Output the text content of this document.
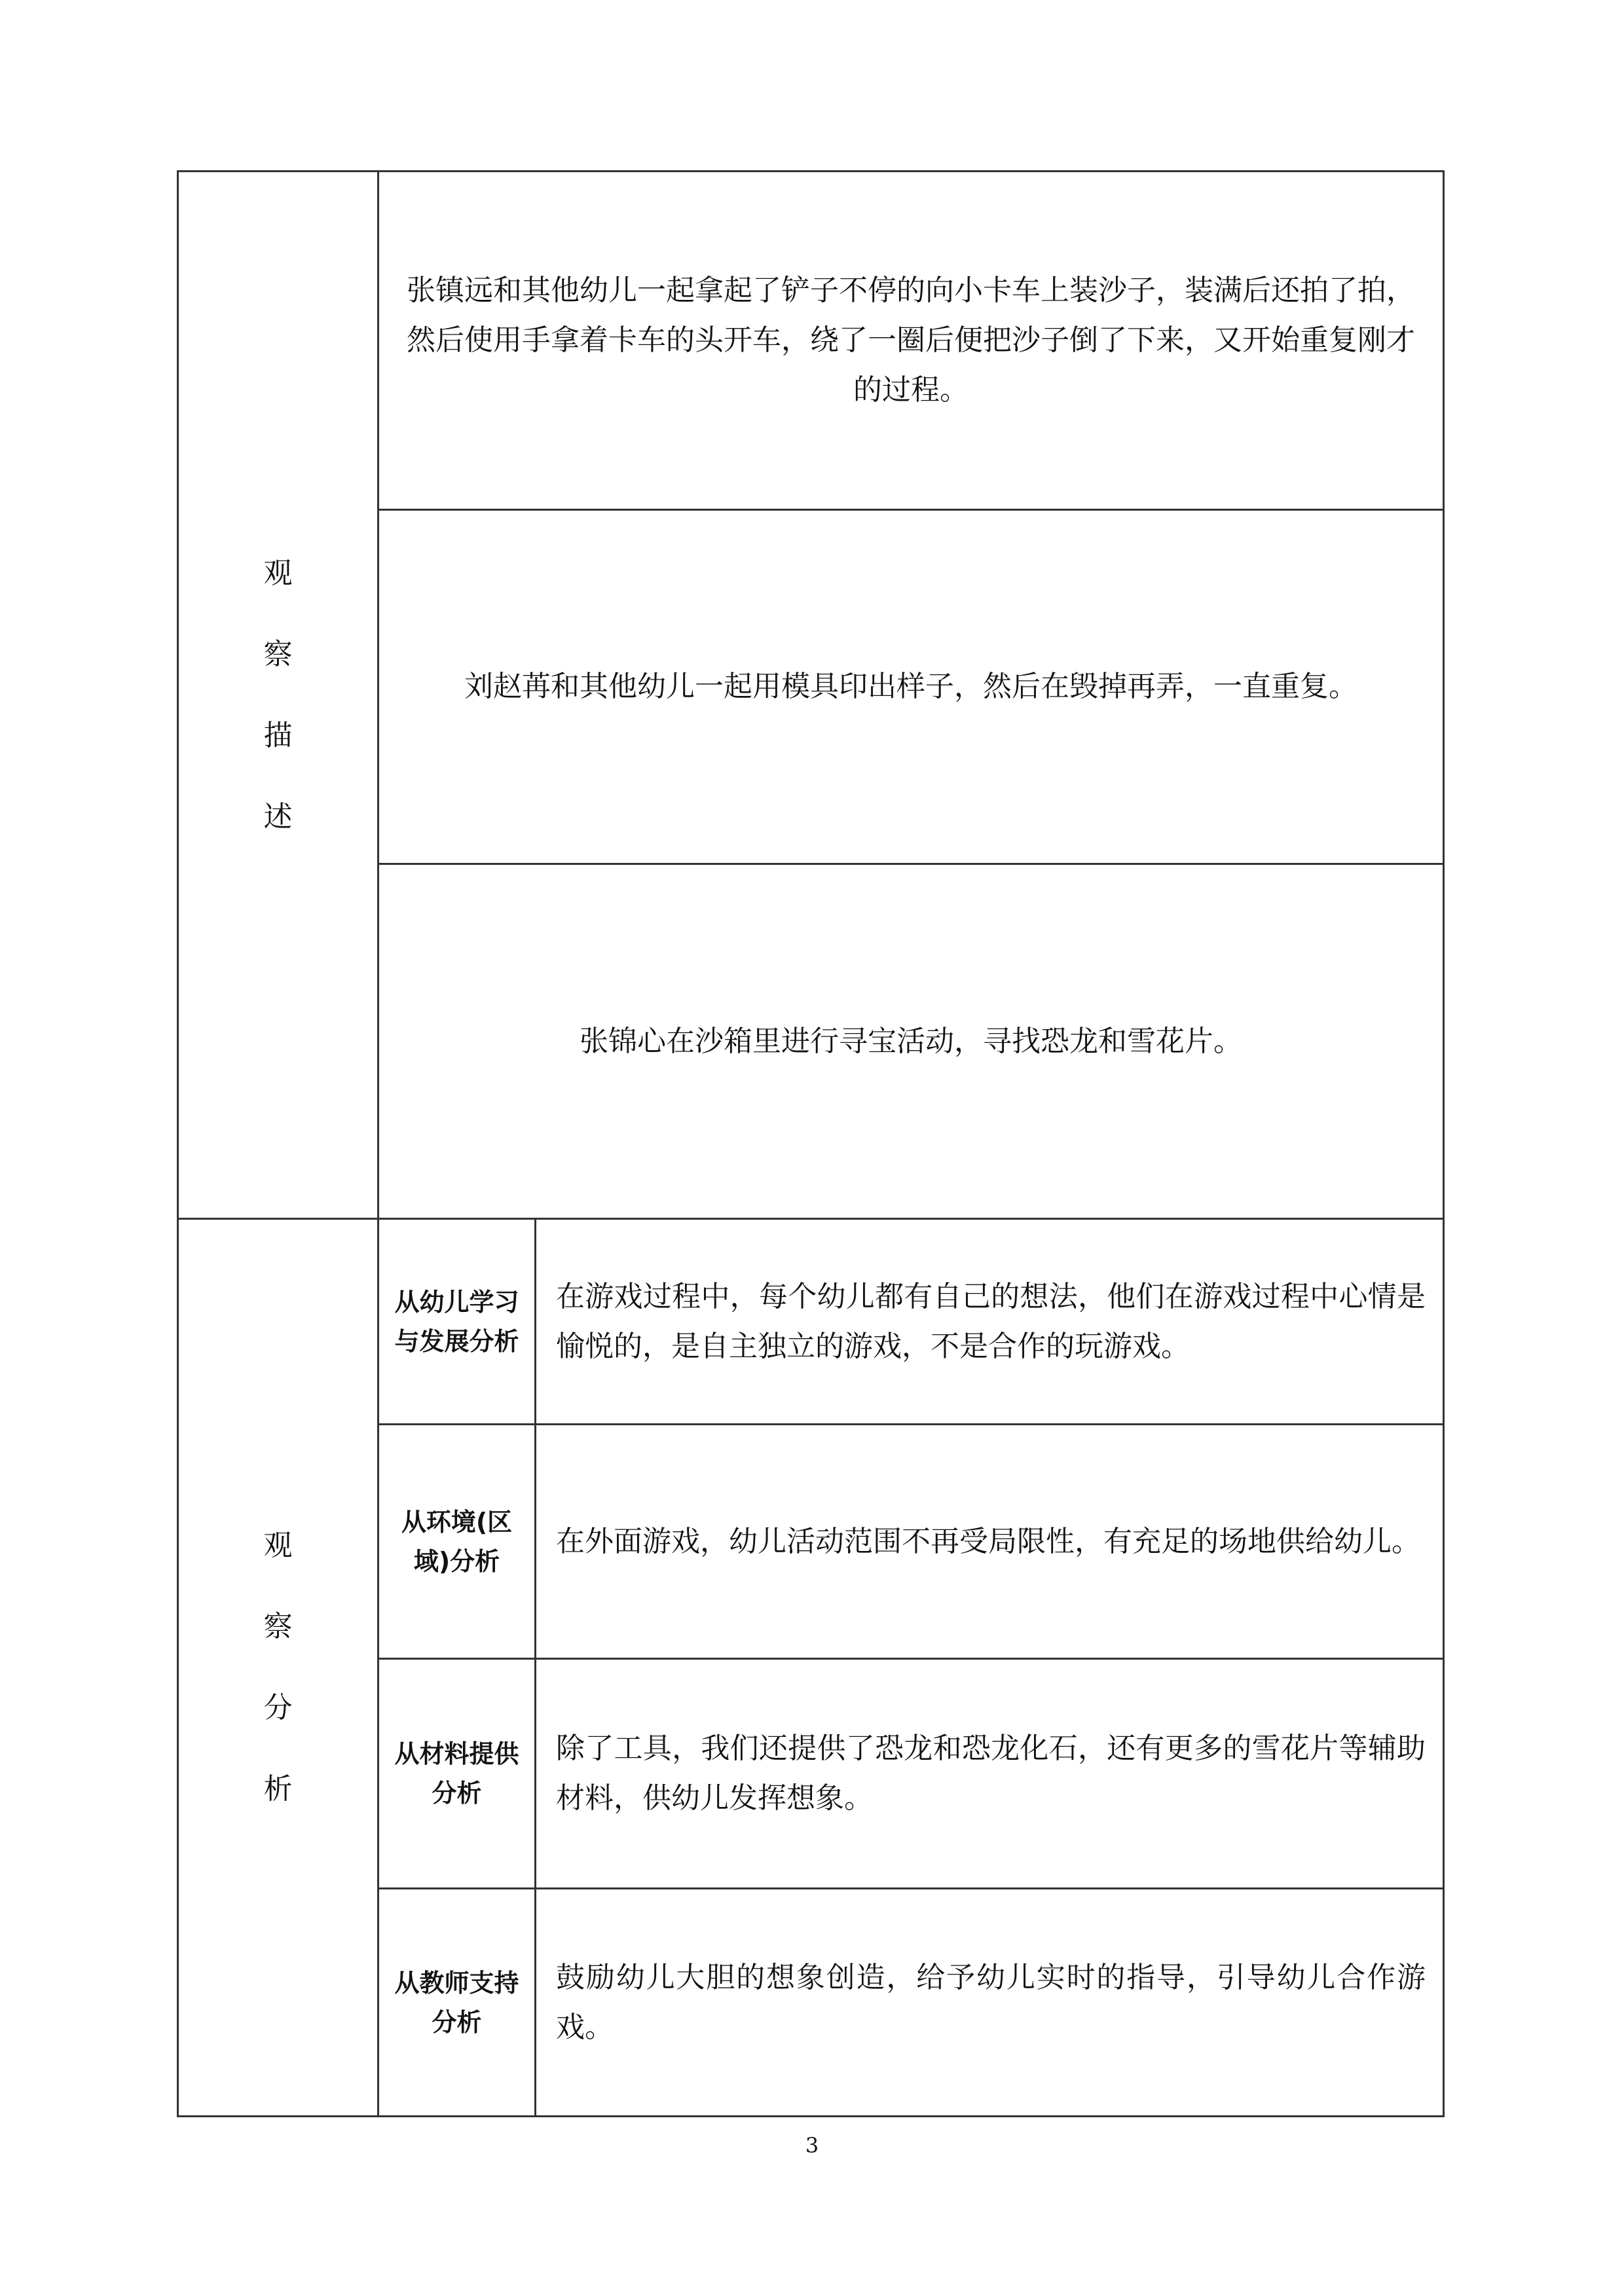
观
察
描
述
张镇远和其他幼儿一起拿起了铲子不停的向小卡车上装沙子，装满后还拍了拍，然后使用手拿着卡车的头开车，绕了一圈后便把沙子倒了下来，又开始重复刚才的过程。
刘赵苒和其他幼儿一起用模具印出样子，然后在毁掉再弄，一直重复。
张锦心在沙箱里进行寻宝活动，寻找恐龙和雪花片。
观
察
分
析
从幼儿学习与发展分析
从环境(区域)分析
从材料提供分析
从教师支持分析
在游戏过程中，每个幼儿都有自己的想法，他们在游戏过程中心情是愉悦的，是自主独立的游戏，不是合作的玩游戏。
在外面游戏，幼儿活动范围不再受局限性，有充足的场地供给幼儿。
除了工具，我们还提供了恐龙和恐龙化石，还有更多的雪花片等辅助材料，供幼儿发挥想象。
鼓励幼儿大胆的想象创造，给予幼儿实时的指导，引导幼儿合作游戏。
3
